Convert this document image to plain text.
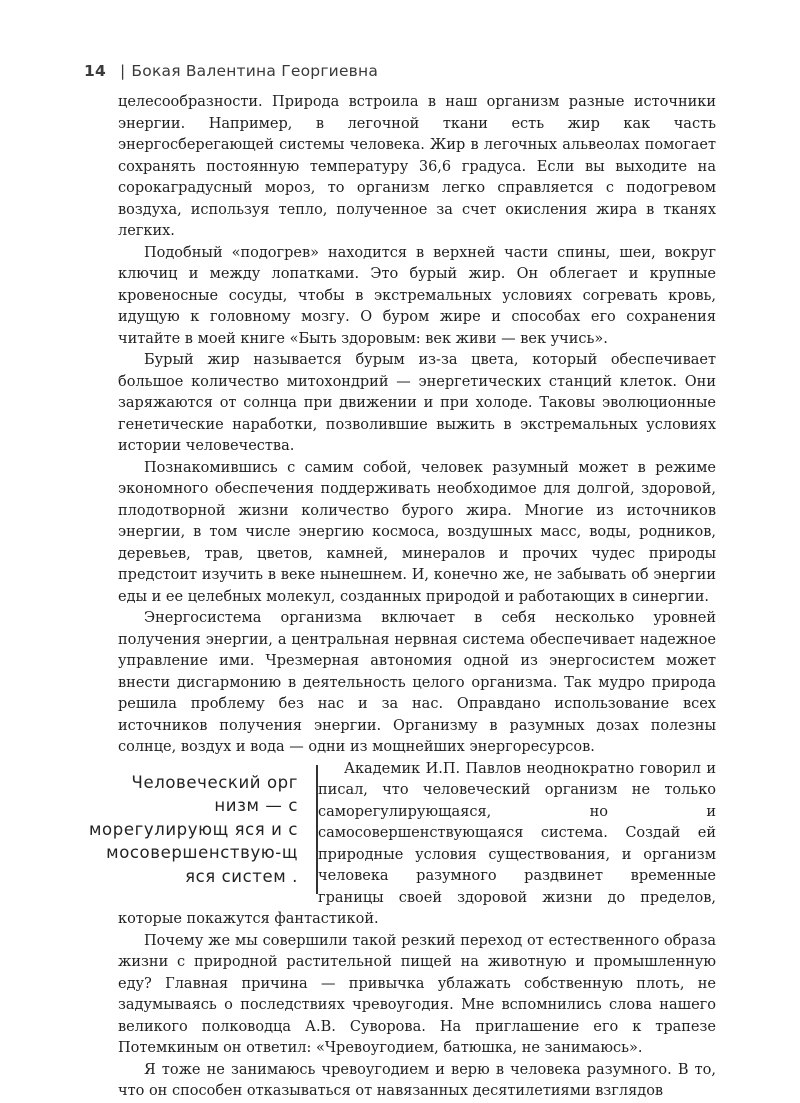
14 | Бокая Валентина Георгиевна

целесообразности. Природа встроила в наш организм разные источники энергии. Например, в легочной ткани есть жир как часть энергосберегающей системы человека. Жир в легочных альвеолах помогает сохранять постоянную температуру 36,6 градуса. Если вы выходите на сорокаградусный мороз, то организм легко справляется с подогревом воздуха, используя тепло, полученное за счет окисления жира в тканях легких.

Подобный «подогрев» находится в верхней части спины, шеи, вокруг ключиц и между лопатками. Это бурый жир. Он облегает и крупные кровеносные сосуды, чтобы в экстремальных условиях согревать кровь, идущую к головному мозгу. О буром жире и способах его сохранения читайте в моей книге «Быть здоровым: век живи — век учись».

Бурый жир называется бурым из-за цвета, который обеспечивает большое количество митохондрий — энергетических станций клеток. Они заряжаются от солнца при движении и при холоде. Таковы эволюционные генетические наработки, позволившие выжить в экстремальных условиях истории человечества.

Познакомившись с самим собой, человек разумный может в режиме экономного обеспечения поддерживать необходимое для долгой, здоровой, плодотворной жизни количество бурого жира. Многие из источников энергии, в том числе энергию космоса, воздушных масс, воды, родников, деревьев, трав, цветов, камней, минералов и прочих чудес природы предстоит изучить в веке нынешнем. И, конечно же, не забывать об энергии еды и ее целебных молекул, созданных природой и работающих в синергии.

Энергосистема организма включает в себя несколько уровней получения энергии, а центральная нервная система обеспечивает надежное управление ими. Чрезмерная автономия одной из энергосистем может внести дисгармонию в деятельность целого организма. Так мудро природа решила проблему без нас и за нас. Оправдано использование всех источников получения энергии. Организму в разумных дозах полезны солнце, воздух и вода — одни из мощнейших энергоресурсов.

Человеческий орг низм — с морегулирующ яся и с мосовершенствую-щ яся систем .

Академик И.П. Павлов неоднократно говорил и писал, что человеческий организм не только саморегулирующаяся, но и самосовершенствующаяся система. Создай ей природные условия существования, и организм человека разумного раздвинет временные границы своей здоровой жизни до пределов, которые покажутся фантастикой.

Почему же мы совершили такой резкий переход от естественного образа жизни с природной растительной пищей на животную и промышленную еду? Главная причина — привычка ублажать собственную плоть, не задумываясь о последствиях чревоугодия. Мне вспомнились слова нашего великого полководца А.В. Суворова. На приглашение его к трапезе Потемкиным он ответил: «Чревоугодием, батюшка, не занимаюсь».

Я тоже не занимаюсь чревоугодием и верю в человека разумного. В то, что он способен отказываться от навязанных десятилетиями взглядов
